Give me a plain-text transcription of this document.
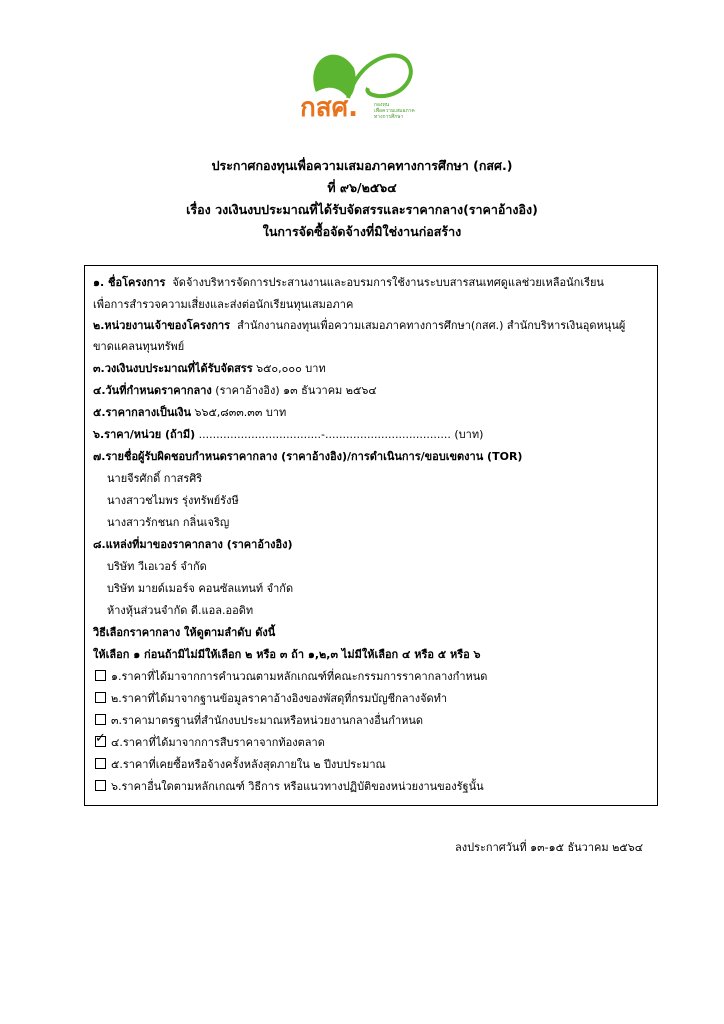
กสศ.	กองทุน
เพื่อความเสมอภาค
ทางการศึกษา
ประกาศกองทุนเพื่อความเสมอภาคทางการศึกษา (กสศ.)
ที่ ๙๖/๒๕๖๔
เรื่อง วงเงินงบประมาณที่ได้รับจัดสรรและราคากลาง(ราคาอ้างอิง)
ในการจัดซื้อจัดจ้างที่มิใช่งานก่อสร้าง
๑. ชื่อโครงการ จัดจ้างบริหารจัดการประสานงานและอบรมการใช้งานระบบสารสนเทศดูแลช่วยเหลือนักเรียน
เพื่อการสำรวจความเสี่ยงและส่งต่อนักเรียนทุนเสมอภาค
๒.หน่วยงานเจ้าของโครงการ สำนักงานกองทุนเพื่อความเสมอภาคทางการศึกษา(กสศ.) สำนักบริหารเงินอุดหนุนผู้
ขาดแคลนทุนทรัพย์
๓.วงเงินงบประมาณที่ได้รับจัดสรร ๖๕๐,๐๐๐ บาท
๔.วันที่กำหนดราคากลาง (ราคาอ้างอิง) ๑๓ ธันวาคม ๒๕๖๔
๕.ราคากลางเป็นเงิน ๖๖๕,๘๓๓.๓๓ บาท
๖.ราคา/หน่วย (ถ้ามี) ...................................-.................................... (บาท)
๗.รายชื่อผู้รับผิดชอบกำหนดราคากลาง (ราคาอ้างอิง)/การดำเนินการ/ขอบเขตงาน (TOR)
นายจีรศักดิ์ กาสรศิริ
นางสาวชไมพร รุ่งทรัพย์รังษี
นางสาวรักชนก กลิ่นเจริญ
๘.แหล่งที่มาของราคากลาง (ราคาอ้างอิง)
บริษัท วีเอเวอร์ จำกัด
บริษัท มายด์เมอร์จ คอนซัลแทนท์ จำกัด
ห้างหุ้นส่วนจำกัด ดี.แอล.ออดิท
วิธีเลือกราคากลาง ให้ดูตามลำดับ ดังนี้
ให้เลือก ๑ ก่อนถ้ามิไม่มีให้เลือก ๒ หรือ ๓ ถ้า ๑,๒,๓ ไม่มีให้เลือก ๔ หรือ ๕ หรือ ๖
๑.ราคาที่ได้มาจากการคำนวณตามหลักเกณฑ์ที่คณะกรรมการราคากลางกำหนด
๒.ราคาที่ได้มาจากฐานข้อมูลราคาอ้างอิงของพัสดุที่กรมบัญชีกลางจัดทำ
๓.ราคามาตรฐานที่สำนักงบประมาณหรือหน่วยงานกลางอื่นกำหนด
✓๔.ราคาที่ได้มาจากการสืบราคาจากท้องตลาด
๕.ราคาที่เคยซื้อหรือจ้างครั้งหลังสุดภายใน ๒ ปีงบประมาณ
๖.ราคาอื่นใดตามหลักเกณฑ์ วิธีการ หรือแนวทางปฏิบัติของหน่วยงานของรัฐนั้น
ลงประกาศวันที่ ๑๓-๑๕ ธันวาคม ๒๕๖๔
